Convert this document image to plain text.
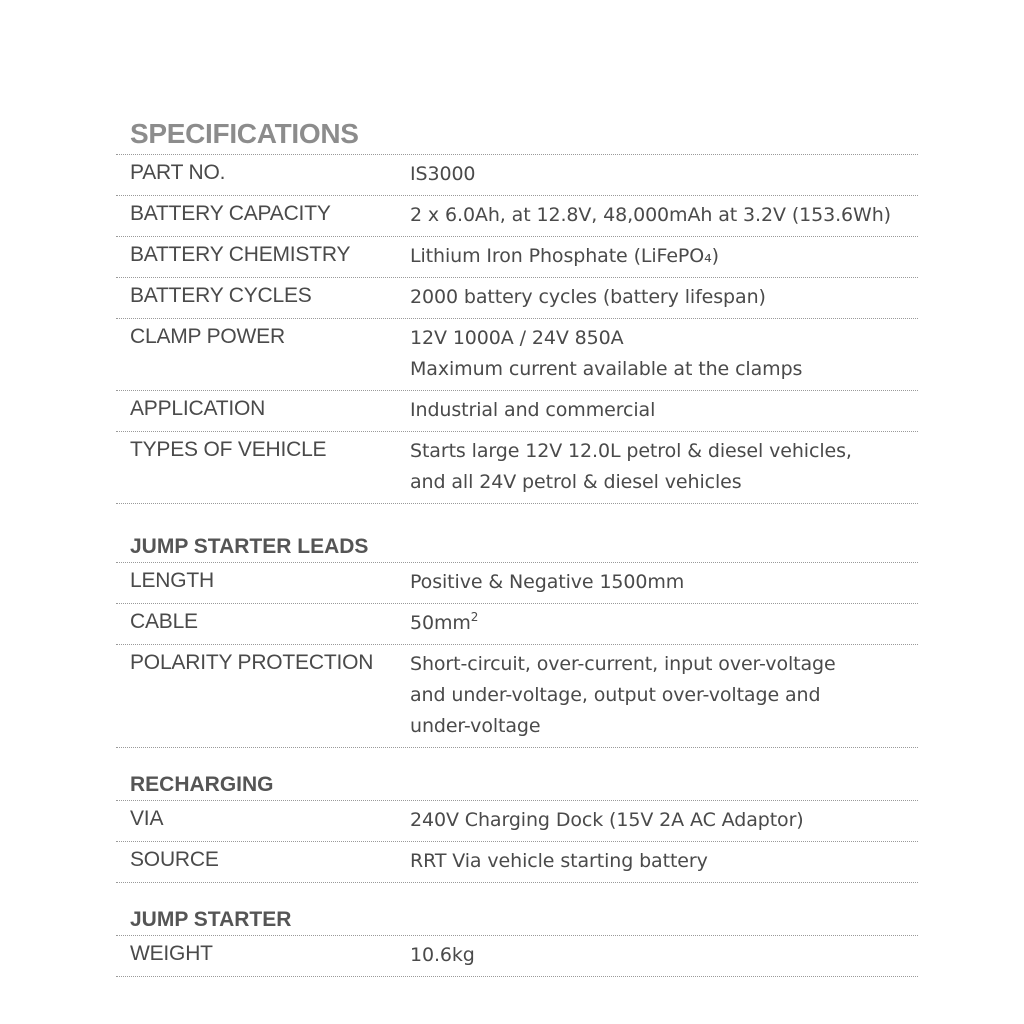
SPECIFICATIONS
PART NO.	IS3000
BATTERY CAPACITY	2 x 6.0Ah, at 12.8V, 48,000mAh at 3.2V (153.6Wh)
BATTERY CHEMISTRY	Lithium Iron Phosphate (LiFePO₄)
BATTERY CYCLES	2000 battery cycles (battery lifespan)
CLAMP POWER	12V 1000A / 24V 850A
Maximum current available at the clamps
APPLICATION	Industrial and commercial
TYPES OF VEHICLE	Starts large 12V 12.0L petrol & diesel vehicles,
and all 24V petrol & diesel vehicles
JUMP STARTER LEADS
LENGTH	Positive & Negative 1500mm
CABLE	$50mm^2$
POLARITY PROTECTION	Short-circuit, over-current, input over-voltage
and under-voltage, output over-voltage and
under-voltage
RECHARGING
VIA	240V Charging Dock (15V 2A AC Adaptor)
SOURCE	RRT Via vehicle starting battery
JUMP STARTER
WEIGHT	10.6kg
